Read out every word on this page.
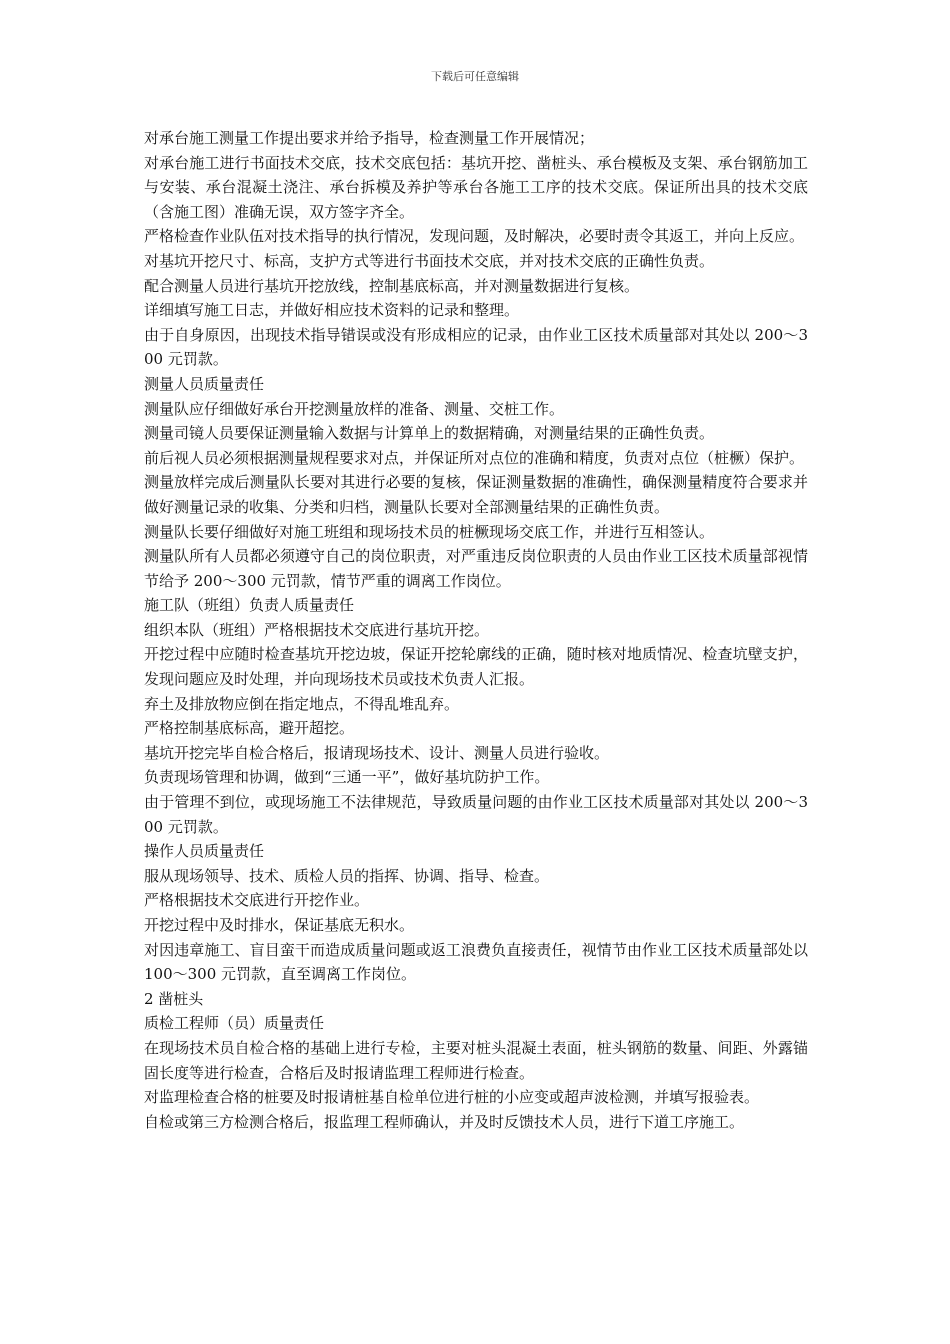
下载后可任意编辑

对承台施工测量工作提出要求并给予指导，检查测量工作开展情况；

对承台施工进行书面技术交底，技术交底包括：基坑开挖、凿桩头、承台模板及支架、承台钢筋加工与安装、承台混凝土浇注、承台拆模及养护等承台各施工工序的技术交底。保证所出具的技术交底（含施工图）准确无误，双方签字齐全。

严格检查作业队伍对技术指导的执行情况，发现问题，及时解决，必要时责令其返工，并向上反应。

对基坑开挖尺寸、标高，支护方式等进行书面技术交底，并对技术交底的正确性负责。

配合测量人员进行基坑开挖放线，控制基底标高，并对测量数据进行复核。

详细填写施工日志，并做好相应技术资料的记录和整理。

由于自身原因，出现技术指导错误或没有形成相应的记录，由作业工区技术质量部对其处以 200～300 元罚款。

测量人员质量责任

测量队应仔细做好承台开挖测量放样的准备、测量、交桩工作。

测量司镜人员要保证测量输入数据与计算单上的数据精确，对测量结果的正确性负责。

前后视人员必须根据测量规程要求对点，并保证所对点位的准确和精度，负责对点位（桩橛）保护。

测量放样完成后测量队长要对其进行必要的复核，保证测量数据的准确性，确保测量精度符合要求并做好测量记录的收集、分类和归档，测量队长要对全部测量结果的正确性负责。

测量队长要仔细做好对施工班组和现场技术员的桩橛现场交底工作，并进行互相签认。

测量队所有人员都必须遵守自己的岗位职责，对严重违反岗位职责的人员由作业工区技术质量部视情节给予 200～300 元罚款，情节严重的调离工作岗位。

施工队（班组）负责人质量责任

组织本队（班组）严格根据技术交底进行基坑开挖。

开挖过程中应随时检查基坑开挖边坡，保证开挖轮廓线的正确，随时核对地质情况、检查坑壁支护，发现问题应及时处理，并向现场技术员或技术负责人汇报。

弃土及排放物应倒在指定地点，不得乱堆乱弃。

严格控制基底标高，避开超挖。

基坑开挖完毕自检合格后，报请现场技术、设计、测量人员进行验收。

负责现场管理和协调，做到“三通一平”，做好基坑防护工作。

由于管理不到位，或现场施工不法律规范，导致质量问题的由作业工区技术质量部对其处以 200～300 元罚款。

操作人员质量责任

服从现场领导、技术、质检人员的指挥、协调、指导、检查。

严格根据技术交底进行开挖作业。

开挖过程中及时排水，保证基底无积水。

对因违章施工、盲目蛮干而造成质量问题或返工浪费负直接责任，视情节由作业工区技术质量部处以 100～300 元罚款，直至调离工作岗位。

2 凿桩头

质检工程师（员）质量责任

在现场技术员自检合格的基础上进行专检，主要对桩头混凝土表面，桩头钢筋的数量、间距、外露锚固长度等进行检查，合格后及时报请监理工程师进行检查。

对监理检查合格的桩要及时报请桩基自检单位进行桩的小应变或超声波检测，并填写报验表。

自检或第三方检测合格后，报监理工程师确认，并及时反馈技术人员，进行下道工序施工。
